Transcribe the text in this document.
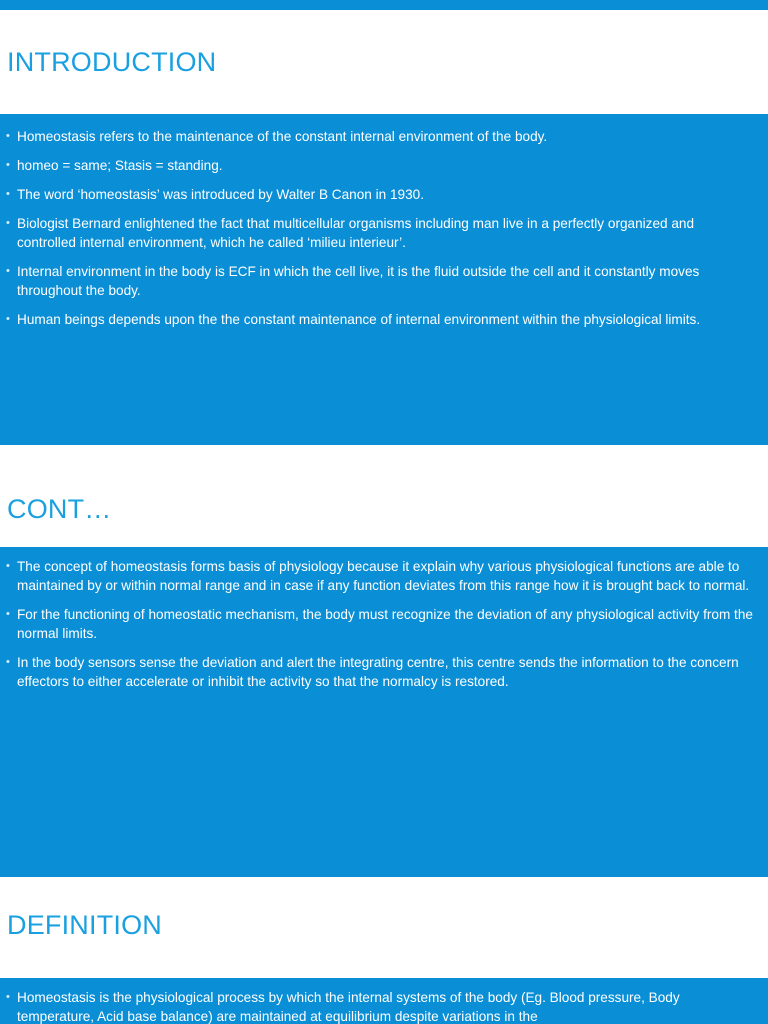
INTRODUCTION
• Homeostasis refers to the maintenance of the constant internal environment of the body.
• homeo = same; Stasis = standing.
• The word ‘homeostasis’ was introduced by Walter B Canon in 1930.
• Biologist Bernard enlightened the fact that multicellular organisms including man live in a perfectly organized and controlled internal environment, which he called ‘milieu interieur’.
• Internal environment in the body is ECF in which the cell live, it is the fluid outside the cell and it constantly moves throughout the body.
• Human beings depends upon the the constant maintenance of internal environment within the physiological limits.
CONT…
• The concept of homeostasis forms basis of physiology because it explain why various physiological functions are able to maintained by or within normal range and in case if any function deviates from this range how it is brought back to normal.
• For the functioning of homeostatic mechanism, the body must recognize the deviation of any physiological activity from the normal limits.
• In the body sensors sense the deviation and alert the integrating centre, this centre sends the information to the concern effectors to either accelerate or inhibit the activity so that the normalcy is restored.
DEFINITION
• Homeostasis is the physiological process by which the internal systems of the body (Eg. Blood pressure, Body temperature, Acid base balance) are maintained at equilibrium despite variations in the
